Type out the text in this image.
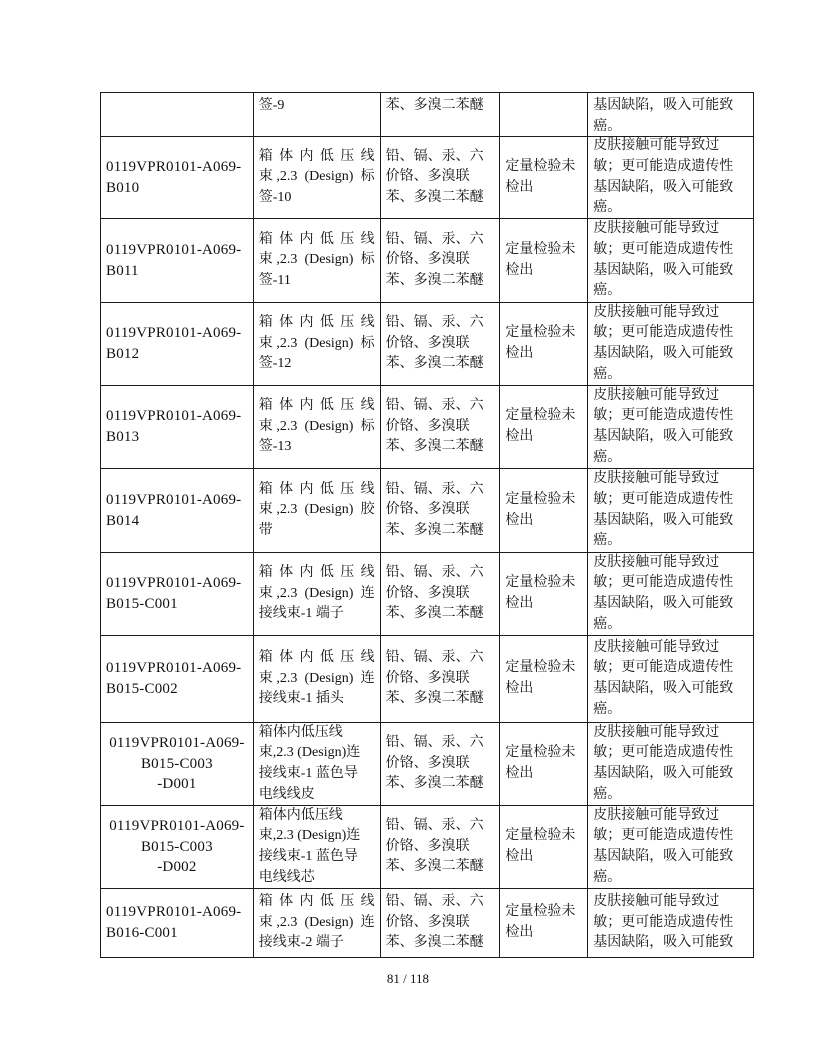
签-9	苯、多溴二苯醚	基因缺陷，吸入可能致
癌。
0119VPR0101-A069-
B010
箱体内低压线
束,2.3 (Design) 标
签-10
铅、镉、汞、六
价铬、多溴联
苯、多溴二苯醚
定量检验未
检出
皮肤接触可能导致过
敏；更可能造成遗传性
基因缺陷，吸入可能致
癌。
0119VPR0101-A069-
B011
箱体内低压线
束,2.3 (Design) 标
签-11
铅、镉、汞、六
价铬、多溴联
苯、多溴二苯醚
定量检验未
检出
皮肤接触可能导致过
敏；更可能造成遗传性
基因缺陷，吸入可能致
癌。
0119VPR0101-A069-
B012
箱体内低压线
束,2.3 (Design) 标
签-12
铅、镉、汞、六
价铬、多溴联
苯、多溴二苯醚
定量检验未
检出
皮肤接触可能导致过
敏；更可能造成遗传性
基因缺陷，吸入可能致
癌。
0119VPR0101-A069-
B013
箱体内低压线
束,2.3 (Design) 标
签-13
铅、镉、汞、六
价铬、多溴联
苯、多溴二苯醚
定量检验未
检出
皮肤接触可能导致过
敏；更可能造成遗传性
基因缺陷，吸入可能致
癌。
0119VPR0101-A069-
B014
箱体内低压线
束,2.3 (Design) 胶
带
铅、镉、汞、六
价铬、多溴联
苯、多溴二苯醚
定量检验未
检出
皮肤接触可能导致过
敏；更可能造成遗传性
基因缺陷，吸入可能致
癌。
0119VPR0101-A069-
B015-C001
箱体内低压线
束,2.3 (Design) 连
接线束-1 端子
铅、镉、汞、六
价铬、多溴联
苯、多溴二苯醚
定量检验未
检出
皮肤接触可能导致过
敏；更可能造成遗传性
基因缺陷，吸入可能致
癌。
0119VPR0101-A069-
B015-C002
箱体内低压线
束,2.3 (Design) 连
接线束-1 插头
铅、镉、汞、六
价铬、多溴联
苯、多溴二苯醚
定量检验未
检出
皮肤接触可能导致过
敏；更可能造成遗传性
基因缺陷，吸入可能致
癌。
0119VPR0101-A069-
B015-C003
-D001
箱体内低压线
束,2.3 (Design)连
接线束-1 蓝色导
电线线皮
铅、镉、汞、六
价铬、多溴联
苯、多溴二苯醚
定量检验未
检出
皮肤接触可能导致过
敏；更可能造成遗传性
基因缺陷，吸入可能致
癌。
0119VPR0101-A069-
B015-C003
-D002
箱体内低压线
束,2.3 (Design)连
接线束-1 蓝色导
电线线芯
铅、镉、汞、六
价铬、多溴联
苯、多溴二苯醚
定量检验未
检出
皮肤接触可能导致过
敏；更可能造成遗传性
基因缺陷，吸入可能致
癌。
0119VPR0101-A069-
B016-C001
箱体内低压线
束,2.3 (Design) 连
接线束-2 端子
铅、镉、汞、六
价铬、多溴联
苯、多溴二苯醚
定量检验未
检出
皮肤接触可能导致过
敏；更可能造成遗传性
基因缺陷，吸入可能致
81 / 118
